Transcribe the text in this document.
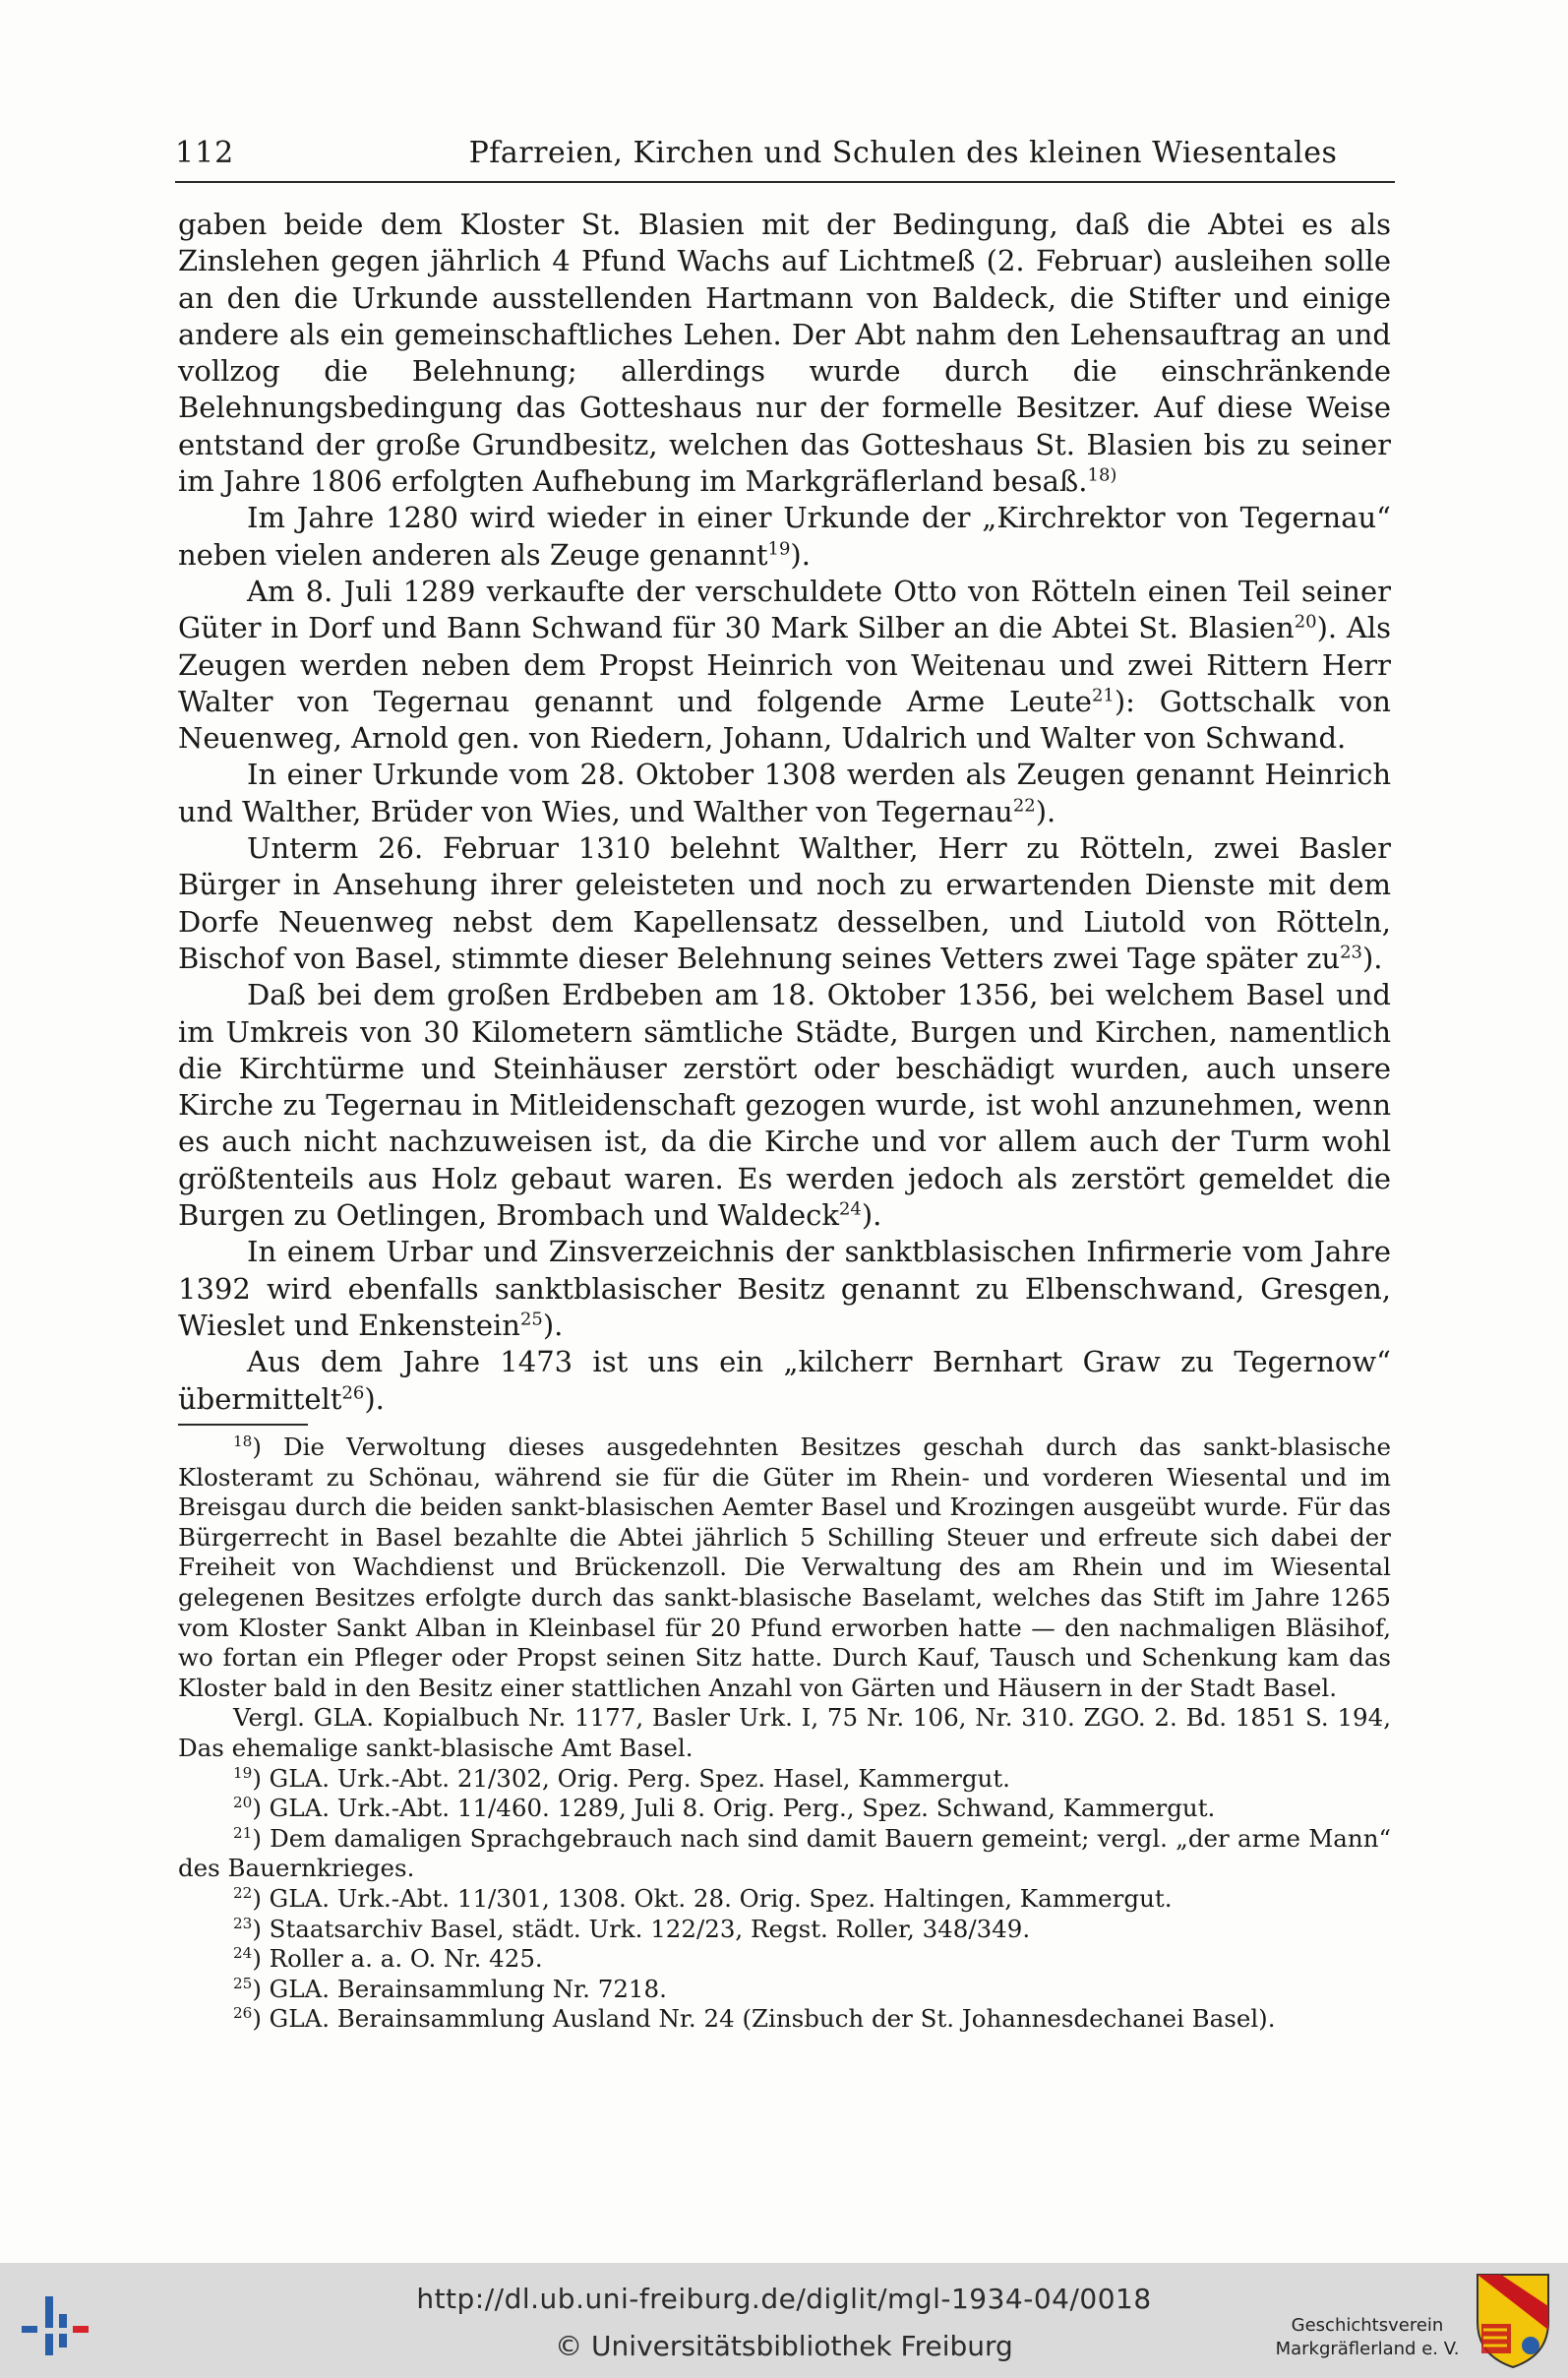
112	Pfarreien, Kirchen und Schulen des kleinen Wiesentales

gaben beide dem Kloster St. Blasien mit der Bedingung, daß die Abtei es als Zinslehen gegen jährlich 4 Pfund Wachs auf Lichtmeß (2. Februar) ausleihen solle an den die Urkunde ausstellenden Hartmann von Baldeck, die Stifter und einige andere als ein gemeinschaftliches Lehen. Der Abt nahm den Lehensauftrag an und vollzog die Belehnung; allerdings wurde durch die einschränkende Belehnungsbedingung das Gotteshaus nur der formelle Besitzer. Auf diese Weise entstand der große Grundbesitz, welchen das Gotteshaus St. Blasien bis zu seiner im Jahre 1806 erfolgten Aufhebung im Markgräflerland besaß.$^{18)}$

Im Jahre 1280 wird wieder in einer Urkunde der „Kirchrektor von Tegernau“ neben vielen anderen als Zeuge genannt$^{19}$).

Am 8. Juli 1289 verkaufte der verschuldete Otto von Rötteln einen Teil seiner Güter in Dorf und Bann Schwand für 30 Mark Silber an die Abtei St. Blasien$^{20}$). Als Zeugen werden neben dem Propst Heinrich von Weitenau und zwei Rittern Herr Walter von Tegernau genannt und folgende Arme Leute$^{21}$): Gottschalk von Neuenweg, Arnold gen. von Riedern, Johann, Udalrich und Walter von Schwand.

In einer Urkunde vom 28. Oktober 1308 werden als Zeugen genannt Heinrich und Walther, Brüder von Wies, und Walther von Tegernau$^{22}$).

Unterm 26. Februar 1310 belehnt Walther, Herr zu Rötteln, zwei Basler Bürger in Ansehung ihrer geleisteten und noch zu erwartenden Dienste mit dem Dorfe Neuenweg nebst dem Kapellensatz desselben, und Liutold von Rötteln, Bischof von Basel, stimmte dieser Belehnung seines Vetters zwei Tage später $zu^{23}$).

Daß bei dem großen Erdbeben am 18. Oktober 1356, bei welchem Basel und im Umkreis von 30 Kilometern sämtliche Städte, Burgen und Kirchen, namentlich die Kirchtürme und Steinhäuser zerstört oder beschädigt wurden, auch unsere Kirche zu Tegernau in Mitleidenschaft gezogen wurde, ist wohl anzunehmen, wenn es auch nicht nachzuweisen ist, da die Kirche und vor allem auch der Turm wohl größtenteils aus Holz gebaut waren. Es werden jedoch als zerstört gemeldet die Burgen zu Oetlingen, Brombach und Waldeck$^{24}$).

In einem Urbar und Zinsverzeichnis der sanktblasischen Infirmerie vom Jahre 1392 wird ebenfalls sanktblasischer Besitz genannt zu Elbenschwand, Gresgen, Wieslet und Enkenstein$^{25}$).

Aus dem Jahre 1473 ist uns ein „kilcherr Bernhart Graw zu Tegernow“ übermittelt$^{26}$).

$^{18}$) Die Verwoltung dieses ausgedehnten Besitzes geschah durch das sankt-blasische Klosteramt zu Schönau, während sie für die Güter im Rhein- und vorderen Wiesental und im Breisgau durch die beiden sankt-blasischen Aemter Basel und Krozingen ausgeübt wurde. Für das Bürgerrecht in Basel bezahlte die Abtei jährlich 5 Schilling Steuer und erfreute sich dabei der Freiheit von Wachdienst und Brückenzoll. Die Verwaltung des am Rhein und im Wiesental gelegenen Besitzes erfolgte durch das sankt-blasische Baselamt, welches das Stift im Jahre 1265 vom Kloster Sankt Alban in Kleinbasel für 20 Pfund erworben hatte — den nachmaligen Bläsihof, wo fortan ein Pfleger oder Propst seinen Sitz hatte. Durch Kauf, Tausch und Schenkung kam das Kloster bald in den Besitz einer stattlichen Anzahl von Gärten und Häusern in der Stadt Basel.

Vergl. GLA. Kopialbuch Nr. 1177, Basler Urk. I, 75 Nr. 106, Nr. 310. ZGO. 2. Bd. 1851 S. 194, Das ehemalige sankt-blasische Amt Basel.

$^{19}$) GLA. Urk.-Abt. 21/302, Orig. Perg. Spez. Hasel, Kammergut.

$^{20}$) GLA. Urk.-Abt. 11/460. 1289, Juli 8. Orig. Perg., Spez. Schwand, Kammergut.

$^{21}$) Dem damaligen Sprachgebrauch nach sind damit Bauern gemeint; vergl. „der arme Mann“ des Bauernkrieges.

$^{22}$) GLA. Urk.-Abt. 11/301, 1308. Okt. 28. Orig. Spez. Haltingen, Kammergut.

$^{23}$) Staatsarchiv Basel, städt. Urk. 122/23, Regst. Roller, 348/349.

$^{24}$) Roller a. a. O. Nr. 425.

$^{25}$) GLA. Berainsammlung Nr. 7218.

$^{26}$) GLA. Berainsammlung Ausland Nr. 24 (Zinsbuch der St. Johannesdechanei Basel).

http://dl.ub.uni-freiburg.de/diglit/mgl-1934-04/0018
© Universitätsbibliothek Freiburg
Geschichtsverein
Markgräflerland e. V.
